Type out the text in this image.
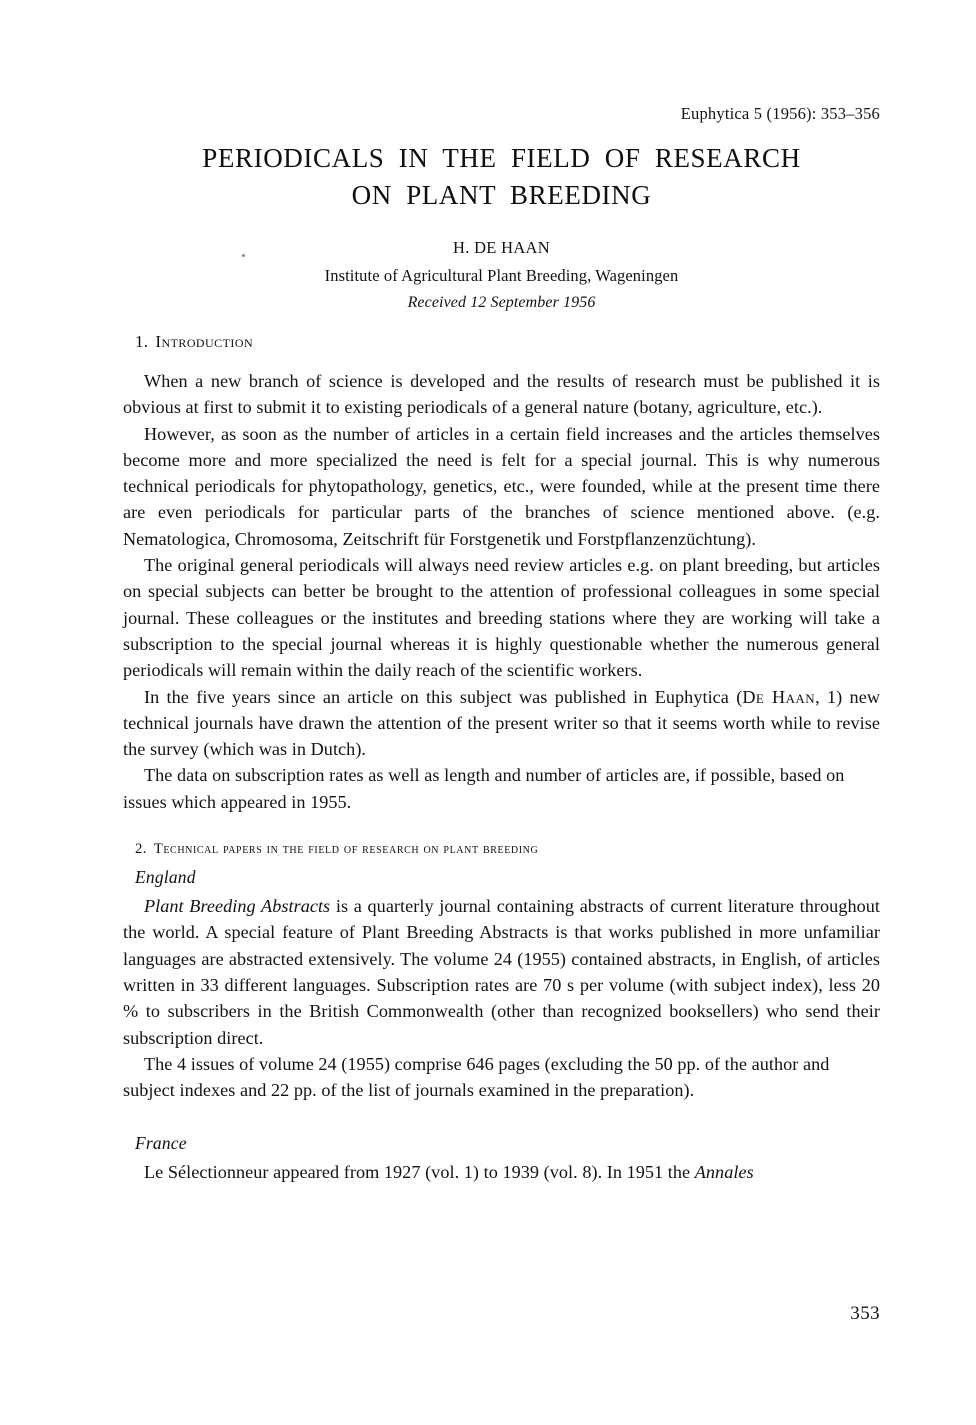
Euphytica 5 (1956): 353–356
PERIODICALS IN THE FIELD OF RESEARCH
ON PLANT BREEDING
H. DE HAAN
Institute of Agricultural Plant Breeding, Wageningen
Received 12 September 1956
1. Introduction

When a new branch of science is developed and the results of research must be published it is obvious at first to submit it to existing periodicals of a general nature (botany, agriculture, etc.).

However, as soon as the number of articles in a certain field increases and the articles themselves become more and more specialized the need is felt for a special journal. This is why numerous technical periodicals for phytopathology, genetics, etc., were founded, while at the present time there are even periodicals for particular parts of the branches of science mentioned above. (e.g. Nematologica, Chromosoma, Zeitschrift für Forstgenetik und Forstpflanzenzüchtung).

The original general periodicals will always need review articles e.g. on plant breeding, but articles on special subjects can better be brought to the attention of professional colleagues in some special journal. These colleagues or the institutes and breeding stations where they are working will take a subscription to the special journal whereas it is highly questionable whether the numerous general periodicals will remain within the daily reach of the scientific workers.

In the five years since an article on this subject was published in Euphytica (De Haan, 1) new technical journals have drawn the attention of the present writer so that it seems worth while to revise the survey (which was in Dutch).

The data on subscription rates as well as length and number of articles are, if possible, based on issues which appeared in 1955.

2. Technical papers in the field of research on plant breeding
England

Plant Breeding Abstracts is a quarterly journal containing abstracts of current literature throughout the world. A special feature of Plant Breeding Abstracts is that works published in more unfamiliar languages are abstracted extensively. The volume 24 (1955) contained abstracts, in English, of articles written in 33 different languages. Subscription rates are 70 s per volume (with subject index), less 20 % to subscribers in the British Commonwealth (other than recognized booksellers) who send their subscription direct.

The 4 issues of volume 24 (1955) comprise 646 pages (excluding the 50 pp. of the author and subject indexes and 22 pp. of the list of journals examined in the preparation).

France

Le Sélectionneur appeared from 1927 (vol. 1) to 1939 (vol. 8). In 1951 the Annales

353
